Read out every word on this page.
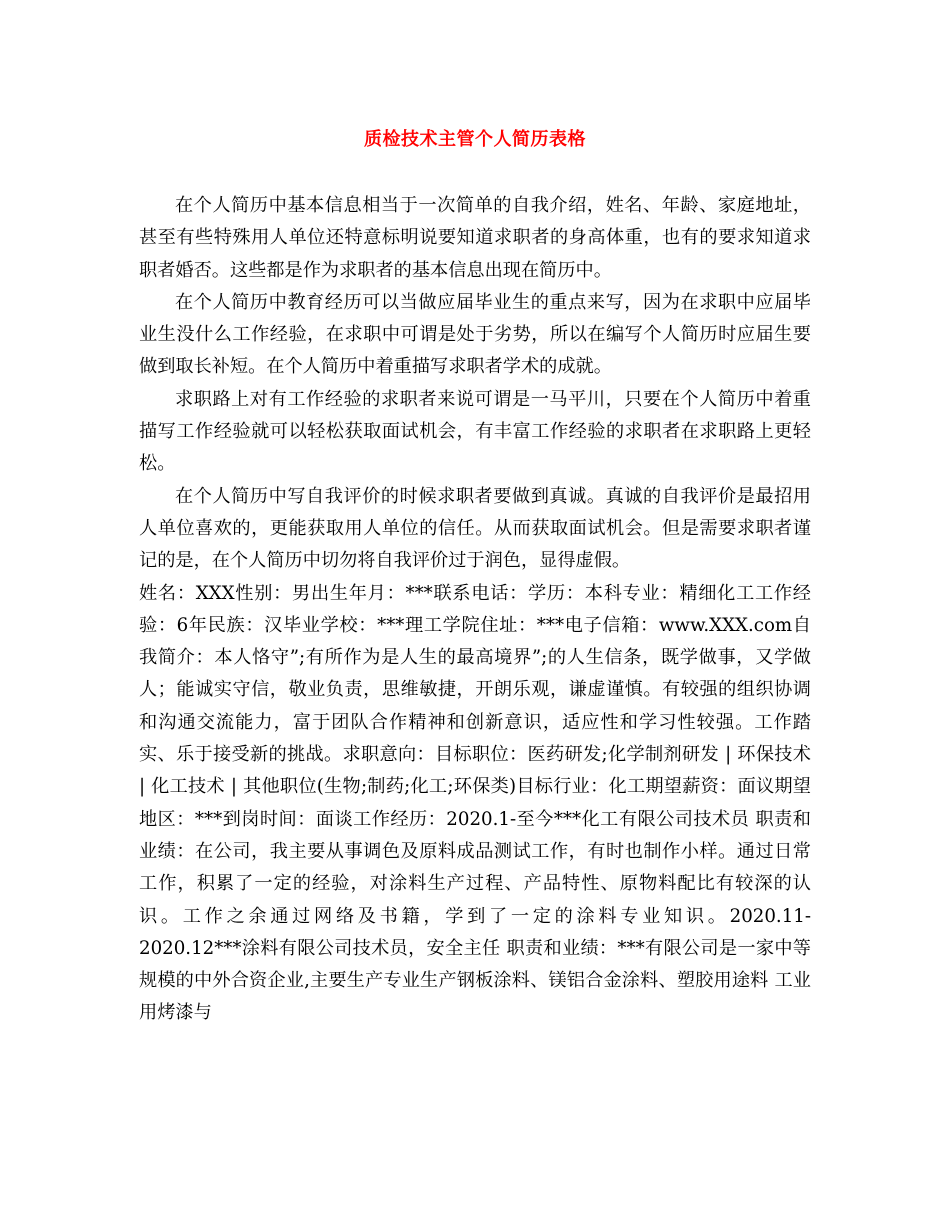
质检技术主管个人简历表格

在个人简历中基本信息相当于一次简单的自我介绍，姓名、年龄、家庭地址，甚至有些特殊用人单位还特意标明说要知道求职者的身高体重，也有的要求知道求职者婚否。这些都是作为求职者的基本信息出现在简历中。

在个人简历中教育经历可以当做应届毕业生的重点来写，因为在求职中应届毕业生没什么工作经验，在求职中可谓是处于劣势，所以在编写个人简历时应届生要做到取长补短。在个人简历中着重描写求职者学术的成就。

求职路上对有工作经验的求职者来说可谓是一马平川，只要在个人简历中着重描写工作经验就可以轻松获取面试机会，有丰富工作经验的求职者在求职路上更轻松。

在个人简历中写自我评价的时候求职者要做到真诚。真诚的自我评价是最招用人单位喜欢的，更能获取用人单位的信任。从而获取面试机会。但是需要求职者谨记的是，在个人简历中切勿将自我评价过于润色，显得虚假。

姓名：XXX性别：男出生年月：***联系电话：学历：本科专业：精细化工工作经验：6年民族：汉毕业学校：***理工学院住址：***电子信箱：www.XXX.com自我简介：本人恪守”;有所作为是人生的最高境界”;的人生信条，既学做事，又学做人；能诚实守信，敬业负责，思维敏捷，开朗乐观，谦虚谨慎。有较强的组织协调和沟通交流能力，富于团队合作精神和创新意识，适应性和学习性较强。工作踏实、乐于接受新的挑战。求职意向：目标职位：医药研发;化学制剂研发 | 环保技术 | 化工技术 | 其他职位(生物;制药;化工;环保类)目标行业：化工期望薪资：面议期望地区：***到岗时间：面谈工作经历：2020.1-至今***化工有限公司技术员 职责和业绩：在公司，我主要从事调色及原料成品测试工作，有时也制作小样。通过日常工作，积累了一定的经验，对涂料生产过程、产品特性、原物料配比有较深的认识。工作之余通过网络及书籍，学到了一定的涂料专业知识。2020.11-2020.12***涂料有限公司技术员，安全主任 职责和业绩：***有限公司是一家中等规模的中外合资企业,主要生产专业生产钢板涂料、镁铝合金涂料、塑胶用途料 工业用烤漆与
